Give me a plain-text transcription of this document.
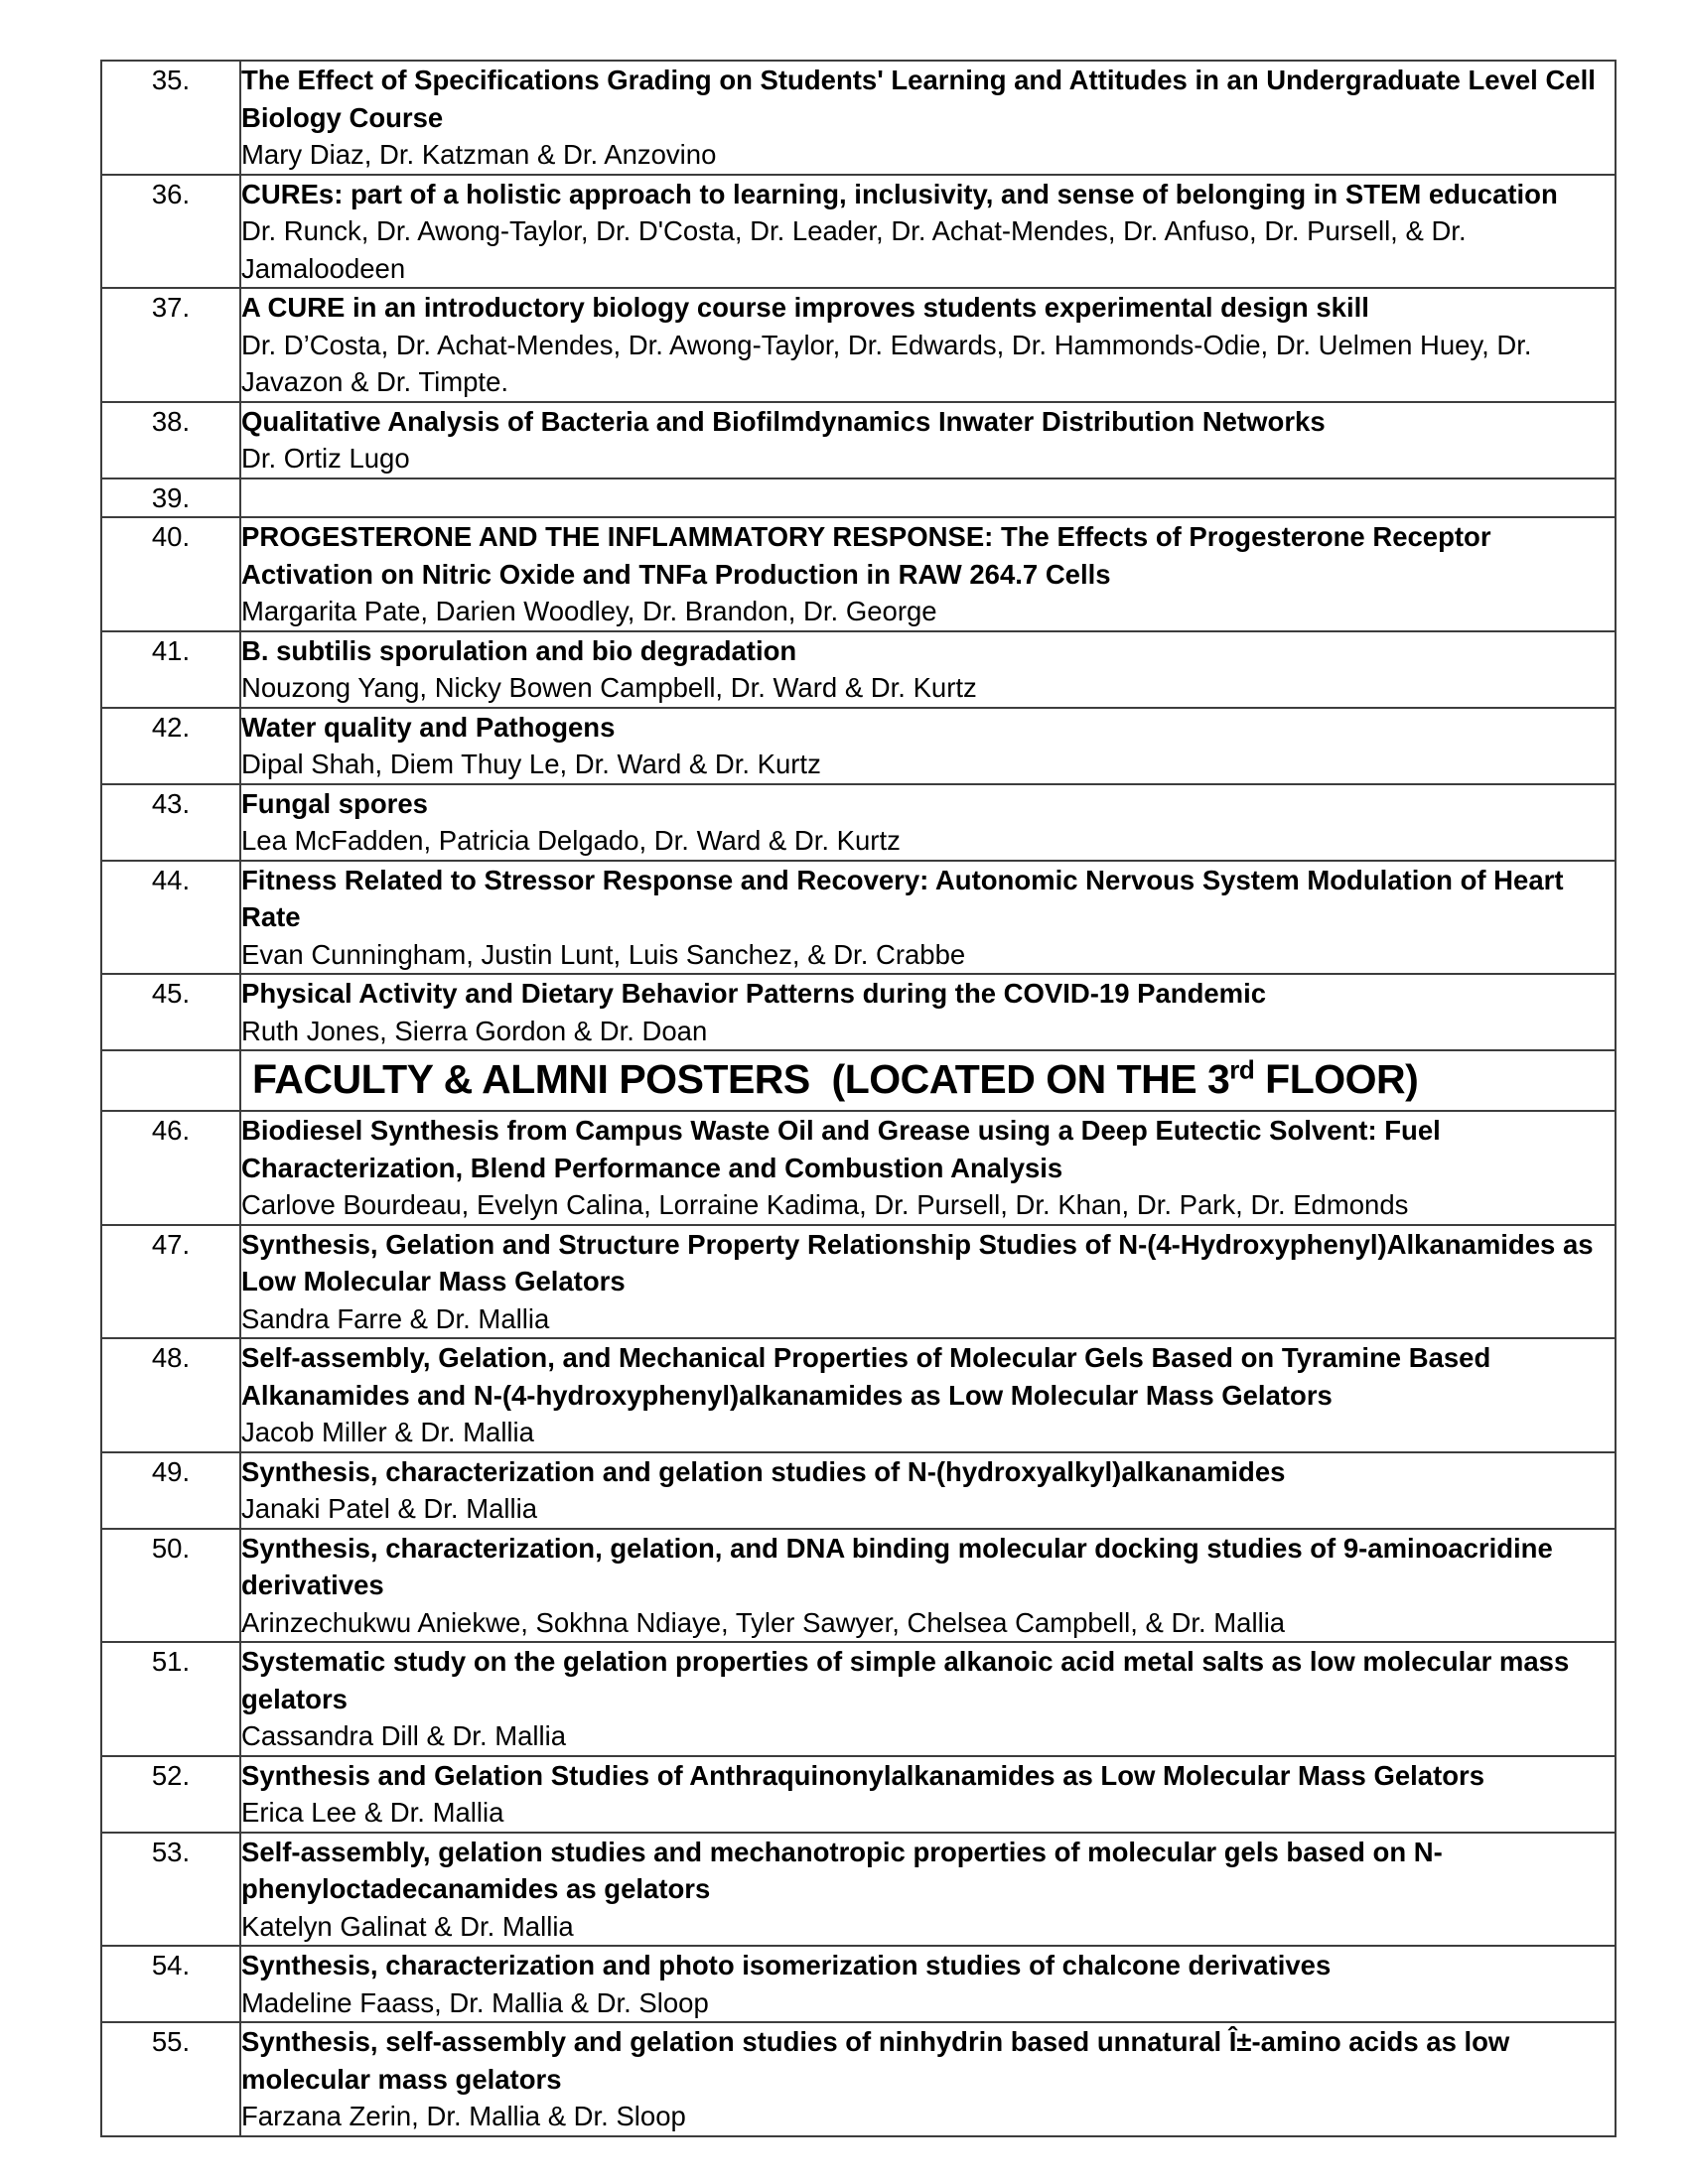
35.	The Effect of Specifications Grading on Students' Learning and Attitudes in an Undergraduate Level Cell Biology Course
Mary Diaz, Dr. Katzman & Dr. Anzovino

36.	CUREs: part of a holistic approach to learning, inclusivity, and sense of belonging in STEM education
Dr. Runck, Dr. Awong-Taylor, Dr. D'Costa, Dr. Leader, Dr. Achat-Mendes, Dr. Anfuso, Dr. Pursell, & Dr. Jamaloodeen

37.	A CURE in an introductory biology course improves students experimental design skill
Dr. D’Costa, Dr. Achat-Mendes, Dr. Awong-Taylor, Dr. Edwards, Dr. Hammonds-Odie, Dr. Uelmen Huey, Dr. Javazon & Dr. Timpte.

38.	Qualitative Analysis of Bacteria and Biofilmdynamics Inwater Distribution Networks
Dr. Ortiz Lugo

39.	

40.	PROGESTERONE AND THE INFLAMMATORY RESPONSE: The Effects of Progesterone Receptor Activation on Nitric Oxide and TNFa Production in RAW 264.7 Cells
Margarita Pate, Darien Woodley, Dr. Brandon, Dr. George

41.	B. subtilis sporulation and bio degradation
Nouzong Yang, Nicky Bowen Campbell, Dr. Ward & Dr. Kurtz

42.	Water quality and Pathogens
Dipal Shah, Diem Thuy Le, Dr. Ward & Dr. Kurtz

43.	Fungal spores
Lea McFadden, Patricia Delgado, Dr. Ward & Dr. Kurtz

44.	Fitness Related to Stressor Response and Recovery: Autonomic Nervous System Modulation of Heart Rate
Evan Cunningham, Justin Lunt, Luis Sanchez, & Dr. Crabbe

45.	Physical Activity and Dietary Behavior Patterns during the COVID-19 Pandemic
Ruth Jones, Sierra Gordon & Dr. Doan

	FACULTY & ALMNI POSTERS  (LOCATED ON THE 3rd FLOOR)

46.	Biodiesel Synthesis from Campus Waste Oil and Grease using a Deep Eutectic Solvent: Fuel Characterization, Blend Performance and Combustion Analysis
Carlove Bourdeau, Evelyn Calina, Lorraine Kadima, Dr. Pursell, Dr. Khan, Dr. Park, Dr. Edmonds

47.	Synthesis, Gelation and Structure Property Relationship Studies of N-(4-Hydroxyphenyl)Alkanamides as Low Molecular Mass Gelators
Sandra Farre & Dr. Mallia

48.	Self-assembly, Gelation, and Mechanical Properties of Molecular Gels Based on Tyramine Based Alkanamides and N-(4-hydroxyphenyl)alkanamides as Low Molecular Mass Gelators
Jacob Miller & Dr. Mallia

49.	Synthesis, characterization and gelation studies of N-(hydroxyalkyl)alkanamides
Janaki Patel & Dr. Mallia

50.	Synthesis, characterization, gelation, and DNA binding molecular docking studies of 9-aminoacridine derivatives
Arinzechukwu Aniekwe, Sokhna Ndiaye, Tyler Sawyer, Chelsea Campbell, & Dr. Mallia

51.	Systematic study on the gelation properties of simple alkanoic acid metal salts as low molecular mass gelators
Cassandra Dill & Dr. Mallia

52.	Synthesis and Gelation Studies of Anthraquinonylalkanamides as Low Molecular Mass Gelators
Erica Lee & Dr. Mallia

53.	Self-assembly, gelation studies and mechanotropic properties of molecular gels based on N-phenyloctadecanamides as gelators
Katelyn Galinat & Dr. Mallia

54.	Synthesis, characterization and photo isomerization studies of chalcone derivatives
Madeline Faass, Dr. Mallia & Dr. Sloop

55.	Synthesis, self-assembly and gelation studies of ninhydrin based unnatural Î±-amino acids as low molecular mass gelators
Farzana Zerin, Dr. Mallia & Dr. Sloop
